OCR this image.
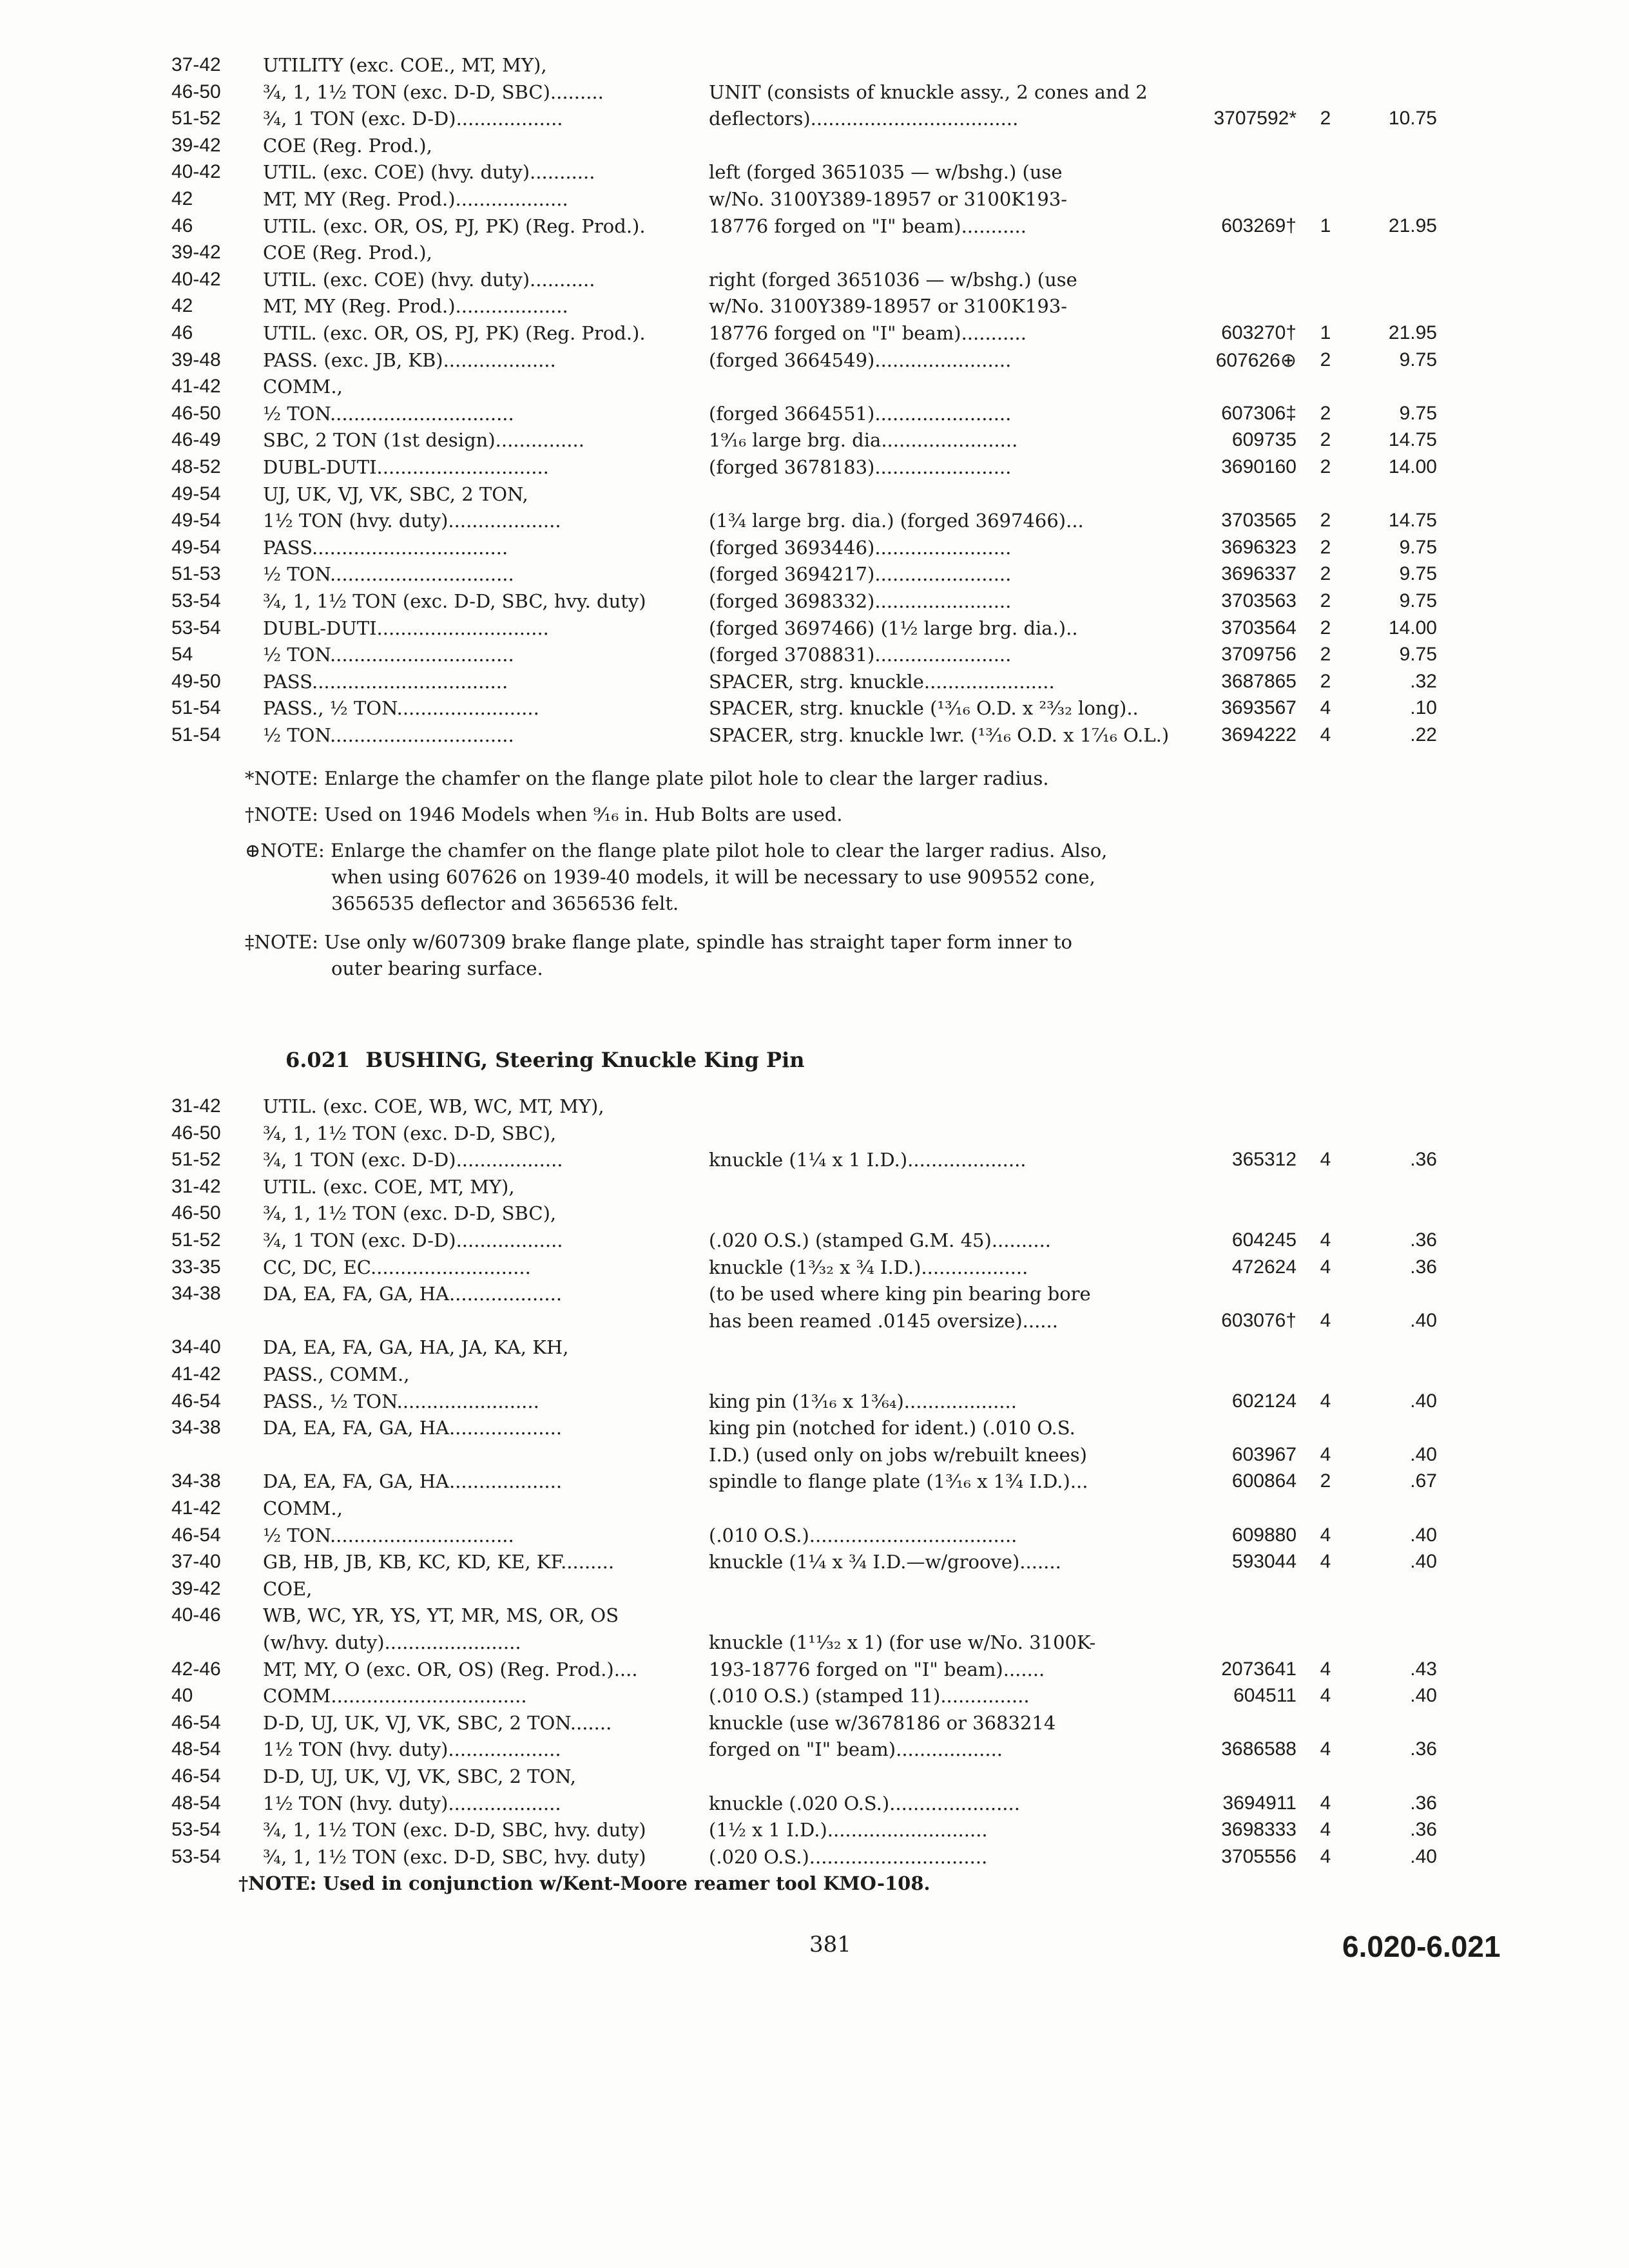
37-42 UTILITY (exc. COE., MT, MY),
46-50 ¾, 1, 1½ TON (exc. D-D, SBC).........	UNIT (consists of knuckle assy., 2 cones and 2
51-52 ¾, 1 TON (exc. D-D)..................	deflectors)...................................	3707592*	2	10.75
39-42 COE (Reg. Prod.),
40-42 UTIL. (exc. COE) (hvy. duty)...........	left (forged 3651035 — w/bshg.) (use
42	MT, MY (Reg. Prod.)...................	w/No. 3100Y389-18957 or 3100K193-
46	UTIL. (exc. OR, OS, PJ, PK) (Reg. Prod.).	18776 forged on "I" beam)...........	603269†	1	21.95
39-42 COE (Reg. Prod.),
40-42 UTIL. (exc. COE) (hvy. duty)...........	right (forged 3651036 — w/bshg.) (use
42	MT, MY (Reg. Prod.)...................	w/No. 3100Y389-18957 or 3100K193-
46	UTIL. (exc. OR, OS, PJ, PK) (Reg. Prod.).	18776 forged on "I" beam)...........	603270†	1	21.95
39-48 PASS. (exc. JB, KB)...................	(forged 3664549).......................	607626⊕	2	9.75
41-42 COMM.,
46-50 ½ TON...............................	(forged 3664551).......................	607306‡	2	9.75
46-49 SBC, 2 TON (1st design)...............	1⁹⁄₁₆ large brg. dia.......................	609735	2	14.75
48-52 DUBL-DUTI.............................	(forged 3678183).......................	3690160	2	14.00
49-54 UJ, UK, VJ, VK, SBC, 2 TON,
49-54 1½ TON (hvy. duty)...................	(1¾ large brg. dia.) (forged 3697466)...	3703565	2	14.75
49-54 PASS.................................	(forged 3693446).......................	3696323	2	9.75
51-53 ½ TON...............................	(forged 3694217).......................	3696337	2	9.75
53-54 ¾, 1, 1½ TON (exc. D-D, SBC, hvy. duty)	(forged 3698332).......................	3703563	2	9.75
53-54 DUBL-DUTI.............................	(forged 3697466) (1½ large brg. dia.)..	3703564	2	14.00
54	½ TON...............................	(forged 3708831).......................	3709756	2	9.75
49-50 PASS.................................	SPACER, strg. knuckle......................	3687865	2	.32
51-54 PASS., ½ TON........................	SPACER, strg. knuckle (¹³⁄₁₆ O.D. x ²³⁄₃₂ long)..	3693567	4	.10
51-54 ½ TON...............................	SPACER, strg. knuckle lwr. (¹³⁄₁₆ O.D. x 1⁷⁄₁₆ O.L.)	3694222	4	.22
*NOTE: Enlarge the chamfer on the flange plate pilot hole to clear the larger radius.
†NOTE: Used on 1946 Models when ⁹⁄₁₆ in. Hub Bolts are used.
⊕NOTE: Enlarge the chamfer on the flange plate pilot hole to clear the larger radius. Also,
when using 607626 on 1939-40 models, it will be necessary to use 909552 cone,
3656535 deflector and 3656536 felt.
‡NOTE: Use only w/607309 brake flange plate, spindle has straight taper form inner to
outer bearing surface.
6.021 BUSHING, Steering Knuckle King Pin
31-42 UTIL. (exc. COE, WB, WC, MT, MY),
46-50 ¾, 1, 1½ TON (exc. D-D, SBC),
51-52 ¾, 1 TON (exc. D-D)..................	knuckle (1¼ x 1 I.D.)....................	365312	4	.36
31-42 UTIL. (exc. COE, MT, MY),
46-50 ¾, 1, 1½ TON (exc. D-D, SBC),
51-52 ¾, 1 TON (exc. D-D)..................	(.020 O.S.) (stamped G.M. 45)..........	604245	4	.36
33-35 CC, DC, EC...........................	knuckle (1³⁄₃₂ x ¾ I.D.)..................	472624	4	.36
34-38 DA, EA, FA, GA, HA...................	(to be used where king pin bearing bore
has been reamed .0145 oversize)......	603076†	4	.40
34-40 DA, EA, FA, GA, HA, JA, KA, KH,
41-42 PASS., COMM.,
46-54 PASS., ½ TON........................	king pin (1³⁄₁₆ x 1³⁄₆₄)...................	602124	4	.40
34-38 DA, EA, FA, GA, HA...................	king pin (notched for ident.) (.010 O.S.
I.D.) (used only on jobs w/rebuilt knees)	603967	4	.40
34-38 DA, EA, FA, GA, HA...................	spindle to flange plate (1³⁄₁₆ x 1¾ I.D.)...	600864	2	.67
41-42 COMM.,
46-54 ½ TON...............................	(.010 O.S.)...................................	609880	4	.40
37-40 GB, HB, JB, KB, KC, KD, KE, KF.........	knuckle (1¼ x ¾ I.D.—w/groove).......	593044	4	.40
39-42 COE,
40-46 WB, WC, YR, YS, YT, MR, MS, OR, OS
(w/hvy. duty).......................	knuckle (1¹¹⁄₃₂ x 1) (for use w/No. 3100K-
42-46 MT, MY, O (exc. OR, OS) (Reg. Prod.)....	193-18776 forged on "I" beam).......	2073641	4	.43
40	COMM.................................	(.010 O.S.) (stamped 11)...............	604511	4	.40
46-54 D-D, UJ, UK, VJ, VK, SBC, 2 TON.......	knuckle (use w/3678186 or 3683214
48-54 1½ TON (hvy. duty)...................	forged on "I" beam)..................	3686588	4	.36
46-54 D-D, UJ, UK, VJ, VK, SBC, 2 TON,
48-54 1½ TON (hvy. duty)...................	knuckle (.020 O.S.)......................	3694911	4	.36
53-54 ¾, 1, 1½ TON (exc. D-D, SBC, hvy. duty)	(1½ x 1 I.D.)...........................	3698333	4	.36
53-54 ¾, 1, 1½ TON (exc. D-D, SBC, hvy. duty)	(.020 O.S.)..............................	3705556	4	.40
†NOTE: Used in conjunction w/Kent-Moore reamer tool KMO-108.
381	6.020-6.021
